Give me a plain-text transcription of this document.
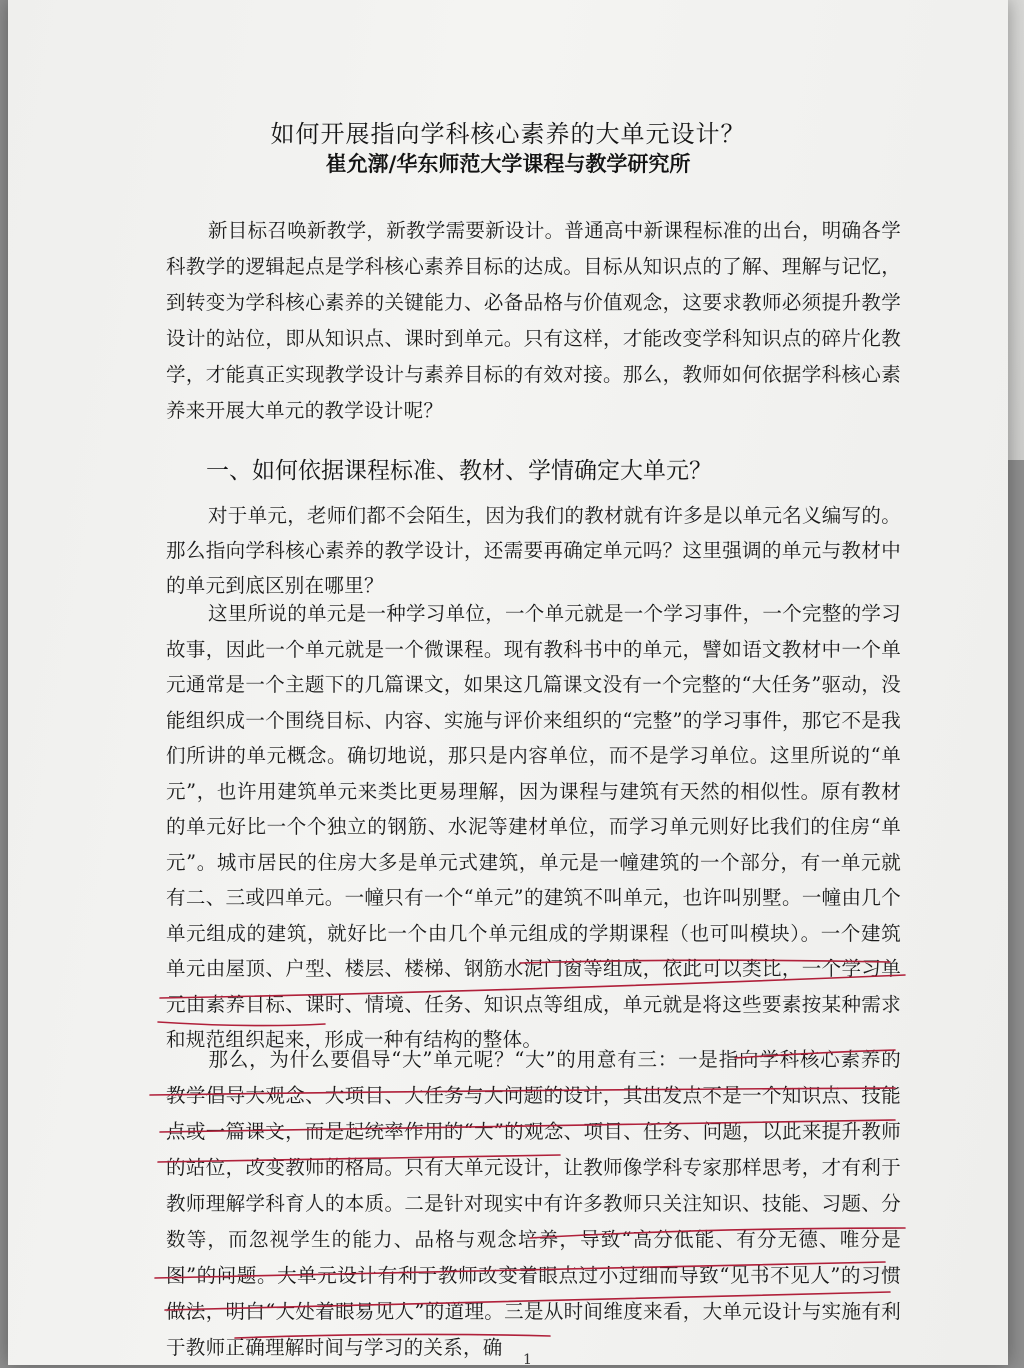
如何开展指向学科核心素养的大单元设计？
崔允漷/华东师范大学课程与教学研究所

新目标召唤新教学，新教学需要新设计。普通高中新课程标准的出台，明确各学科教学的逻辑起点是学科核心素养目标的达成。目标从知识点的了解、理解与记忆，到转变为学科核心素养的关键能力、必备品格与价值观念，这要求教师必须提升教学设计的站位，即从知识点、课时到单元。只有这样，才能改变学科知识点的碎片化教学，才能真正实现教学设计与素养目标的有效对接。那么，教师如何依据学科核心素养来开展大单元的教学设计呢？

一、如何依据课程标准、教材、学情确定大单元？

对于单元，老师们都不会陌生，因为我们的教材就有许多是以单元名义编写的。那么指向学科核心素养的教学设计，还需要再确定单元吗？这里强调的单元与教材中的单元到底区别在哪里？

这里所说的单元是一种学习单位，一个单元就是一个学习事件，一个完整的学习故事，因此一个单元就是一个微课程。现有教科书中的单元，譬如语文教材中一个单元通常是一个主题下的几篇课文，如果这几篇课文没有一个完整的“大任务”驱动，没能组织成一个围绕目标、内容、实施与评价来组织的“完整”的学习事件，那它不是我们所讲的单元概念。确切地说，那只是内容单位，而不是学习单位。这里所说的“单元”，也许用建筑单元来类比更易理解，因为课程与建筑有天然的相似性。原有教材的单元好比一个个独立的钢筋、水泥等建材单位，而学习单元则好比我们的住房“单元”。城市居民的住房大多是单元式建筑，单元是一幢建筑的一个部分，有一单元就有二、三或四单元。一幢只有一个“单元”的建筑不叫单元，也许叫别墅。一幢由几个单元组成的建筑，就好比一个由几个单元组成的学期课程（也可叫模块）。一个建筑单元由屋顶、户型、楼层、楼梯、钢筋水泥门窗等组成，依此可以类比，一个学习单元由素养目标、课时、情境、任务、知识点等组成，单元就是将这些要素按某种需求和规范组织起来，形成一种有结构的整体。

那么，为什么要倡导“大”单元呢？“大”的用意有三：一是指向学科核心素养的教学倡导大观念、大项目、大任务与大问题的设计，其出发点不是一个知识点、技能点或一篇课文，而是起统率作用的“大”的观念、项目、任务、问题，以此来提升教师的站位，改变教师的格局。只有大单元设计，让教师像学科专家那样思考，才有利于教师理解学科育人的本质。二是针对现实中有许多教师只关注知识、技能、习题、分数等，而忽视学生的能力、品格与观念培养，导致“高分低能、有分无德、唯分是图”的问题。大单元设计有利于教师改变着眼点过小过细而导致“见书不见人”的习惯做法，明白“大处着眼易见人”的道理。三是从时间维度来看，大单元设计与实施有利于教师正确理解时间与学习的关系，确

1
